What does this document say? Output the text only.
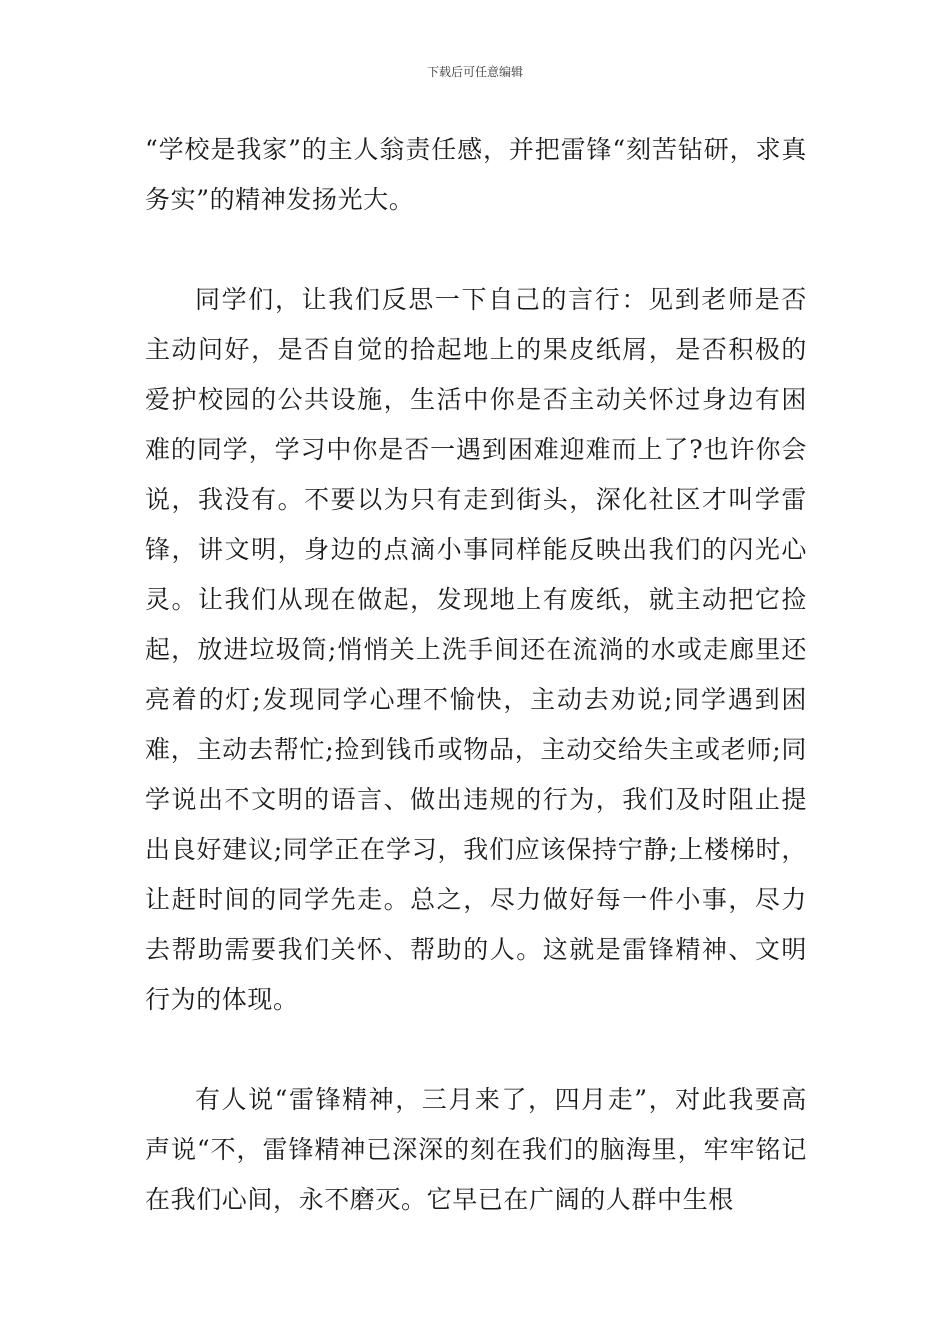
下载后可任意编辑

“学校是我家”的主人翁责任感，并把雷锋“刻苦钻研，求真务实”的精神发扬光大。

同学们，让我们反思一下自己的言行：见到老师是否主动问好，是否自觉的拾起地上的果皮纸屑，是否积极的爱护校园的公共设施，生活中你是否主动关怀过身边有困难的同学，学习中你是否一遇到困难迎难而上了?也许你会说，我没有。不要以为只有走到街头，深化社区才叫学雷锋，讲文明，身边的点滴小事同样能反映出我们的闪光心灵。让我们从现在做起，发现地上有废纸，就主动把它捡起，放进垃圾筒;悄悄关上洗手间还在流淌的水或走廊里还亮着的灯;发现同学心理不愉快，主动去劝说;同学遇到困难，主动去帮忙;捡到钱币或物品，主动交给失主或老师;同学说出不文明的语言、做出违规的行为，我们及时阻止提出良好建议;同学正在学习，我们应该保持宁静;上楼梯时，让赶时间的同学先走。总之，尽力做好每一件小事，尽力去帮助需要我们关怀、帮助的人。这就是雷锋精神、文明行为的体现。

有人说“雷锋精神，三月来了，四月走”，对此我要高声说“不，雷锋精神已深深的刻在我们的脑海里，牢牢铭记在我们心间，永不磨灭。它早已在广阔的人群中生根
